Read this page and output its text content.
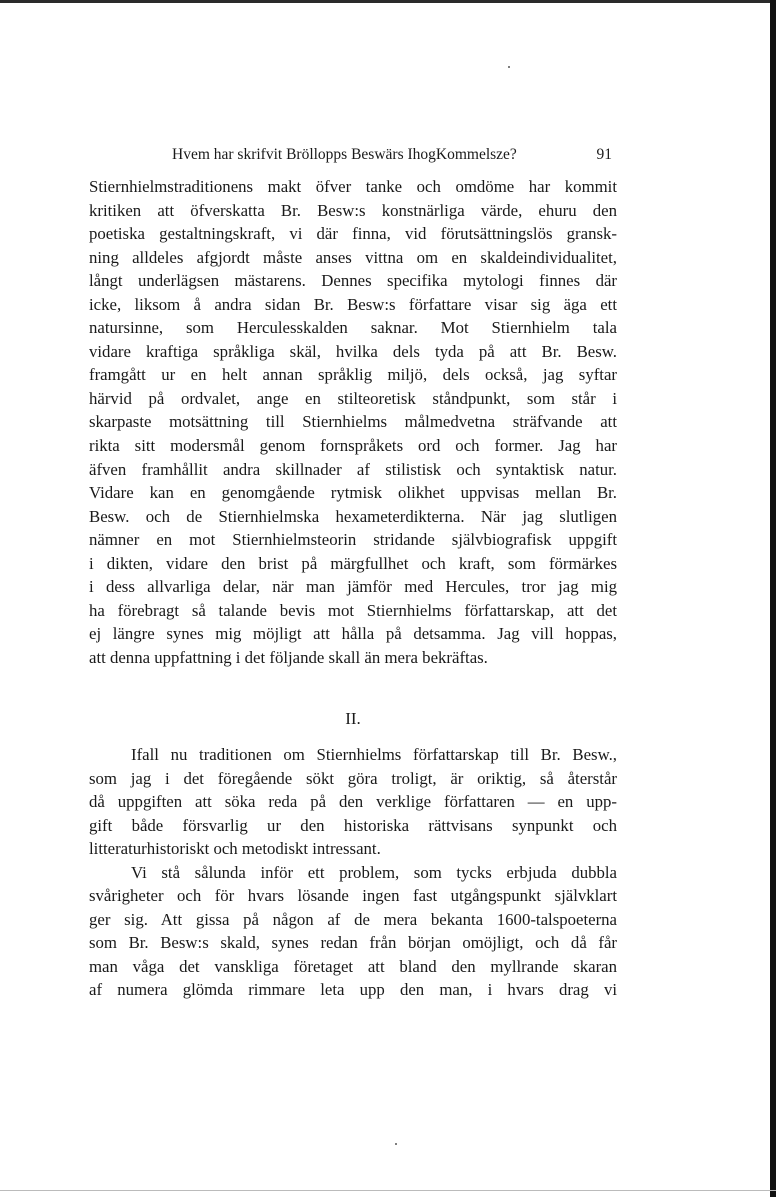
Hvem har skrifvit Bröllopps Beswärs IhogKommelsze?	91
Stiernhielmstraditionens makt öfver tanke och omdöme har kommit
kritiken att öfverskatta Br. Besw:s konstnärliga värde, ehuru den
poetiska gestaltningskraft, vi där finna, vid förutsättningslös gransk-
ning alldeles afgjordt måste anses vittna om en skaldeindividualitet,
långt underlägsen mästarens. Dennes specifika mytologi finnes där
icke, liksom å andra sidan Br. Besw:s författare visar sig äga ett
natursinne, som Herculesskalden saknar. Mot Stiernhielm tala
vidare kraftiga språkliga skäl, hvilka dels tyda på att Br. Besw.
framgått ur en helt annan språklig miljö, dels också, jag syftar
härvid på ordvalet, ange en stilteoretisk ståndpunkt, som står i
skarpaste motsättning till Stiernhielms målmedvetna sträfvande att
rikta sitt modersmål genom fornspråkets ord och former. Jag har
äfven framhållit andra skillnader af stilistisk och syntaktisk natur.
Vidare kan en genomgående rytmisk olikhet uppvisas mellan Br.
Besw. och de Stiernhielmska hexameterdikterna. När jag slutligen
nämner en mot Stiernhielmsteorin stridande självbiografisk uppgift
i dikten, vidare den brist på märgfullhet och kraft, som förmärkes
i dess allvarliga delar, när man jämför med Hercules, tror jag mig
ha förebragt så talande bevis mot Stiernhielms författarskap, att det
ej längre synes mig möjligt att hålla på detsamma. Jag vill hoppas,
att denna uppfattning i det följande skall än mera bekräftas.
II.
Ifall nu traditionen om Stiernhielms författarskap till Br. Besw.,
som jag i det föregående sökt göra troligt, är oriktig, så återstår
då uppgiften att söka reda på den verklige författaren — en upp-
gift både försvarlig ur den historiska rättvisans synpunkt och
litteraturhistoriskt och metodiskt intressant.
Vi stå sålunda inför ett problem, som tycks erbjuda dubbla
svårigheter och för hvars lösande ingen fast utgångspunkt självklart
ger sig. Att gissa på någon af de mera bekanta 1600-talspoeterna
som Br. Besw:s skald, synes redan från början omöjligt, och då får
man våga det vanskliga företaget att bland den myllrande skaran
af numera glömda rimmare leta upp den man, i hvars drag vi
